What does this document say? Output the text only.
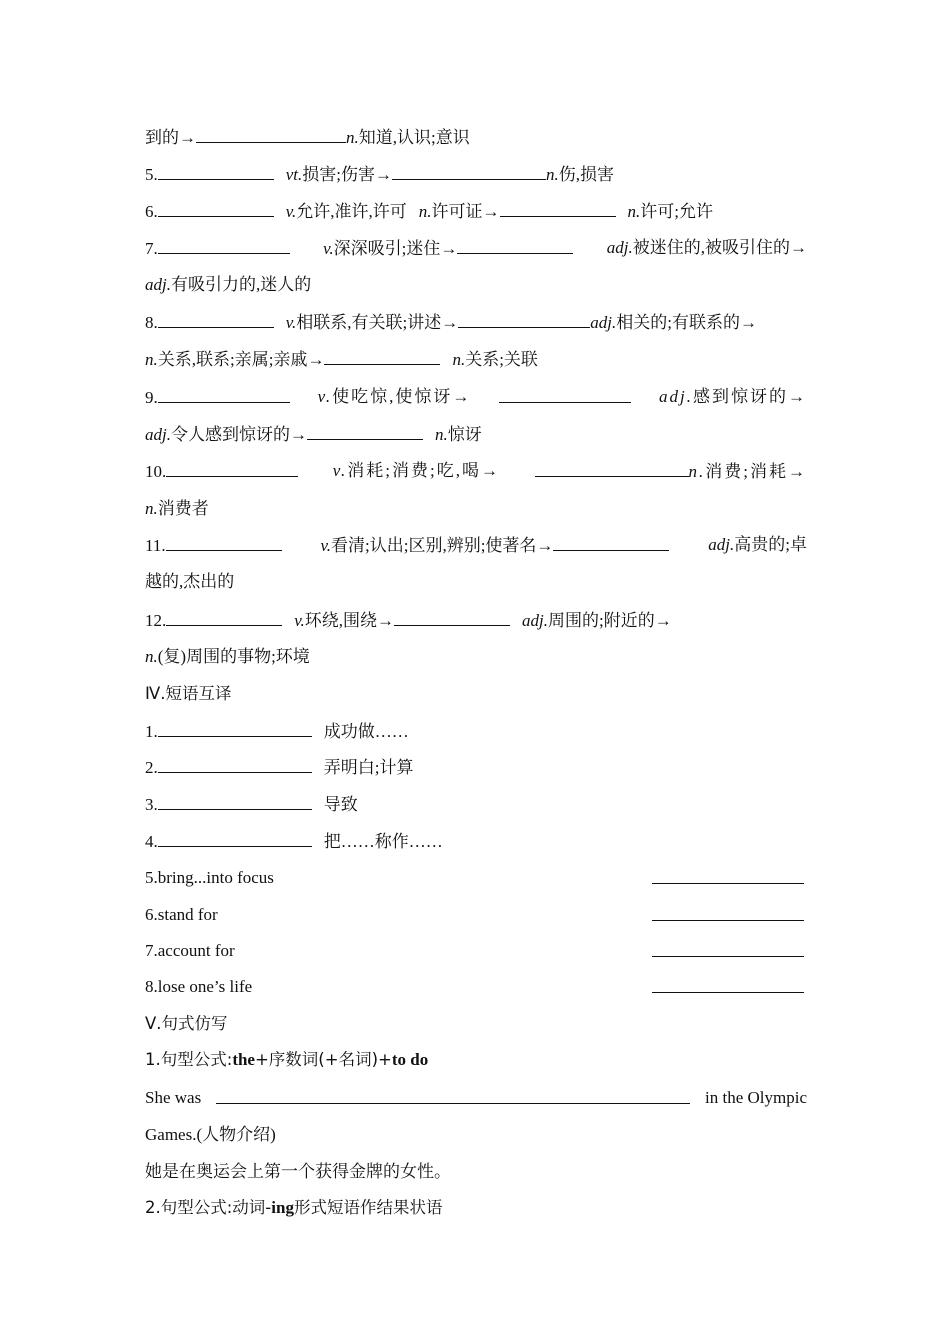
到的→	n.知道,认识;意识
5.	vt.损害;伤害→	n.伤,损害
6.	v.允许,准许,许可 n.许可证→	n.许可;允许
7.	v.深深吸引;迷住→	adj.被迷住的,被吸引住的→
adj.有吸引力的,迷人的
8.	v.相联系,有关联;讲述→	adj.相关的;有联系的→
n.关系,联系;亲属;亲戚→	n.关系;关联
9.	v.使吃惊,使惊讶→	adj.感到惊讶的→
adj.令人感到惊讶的→	n.惊讶
10.	v.消耗;消费;吃,喝→	n.消费;消耗→
n.消费者
11.	v.看清;认出;区别,辨别;使著名→	adj.高贵的;卓
越的,杰出的
12.	v.环绕,围绕→	adj.周围的;附近的→
n.(复)周围的事物;环境
Ⅳ.短语互译
1.	成功做……
2.	弄明白;计算
3.	导致
4.	把……称作……
5.bring...into focus
6.stand for
7.account for
8.lose one’s life
Ⅴ.句式仿写
1.句型公式:the+序数词(+名词)+to do
She was	in the Olympic
Games.(人物介绍)
她是在奥运会上第一个获得金牌的女性。
2.句型公式:动词-ing形式短语作结果状语
